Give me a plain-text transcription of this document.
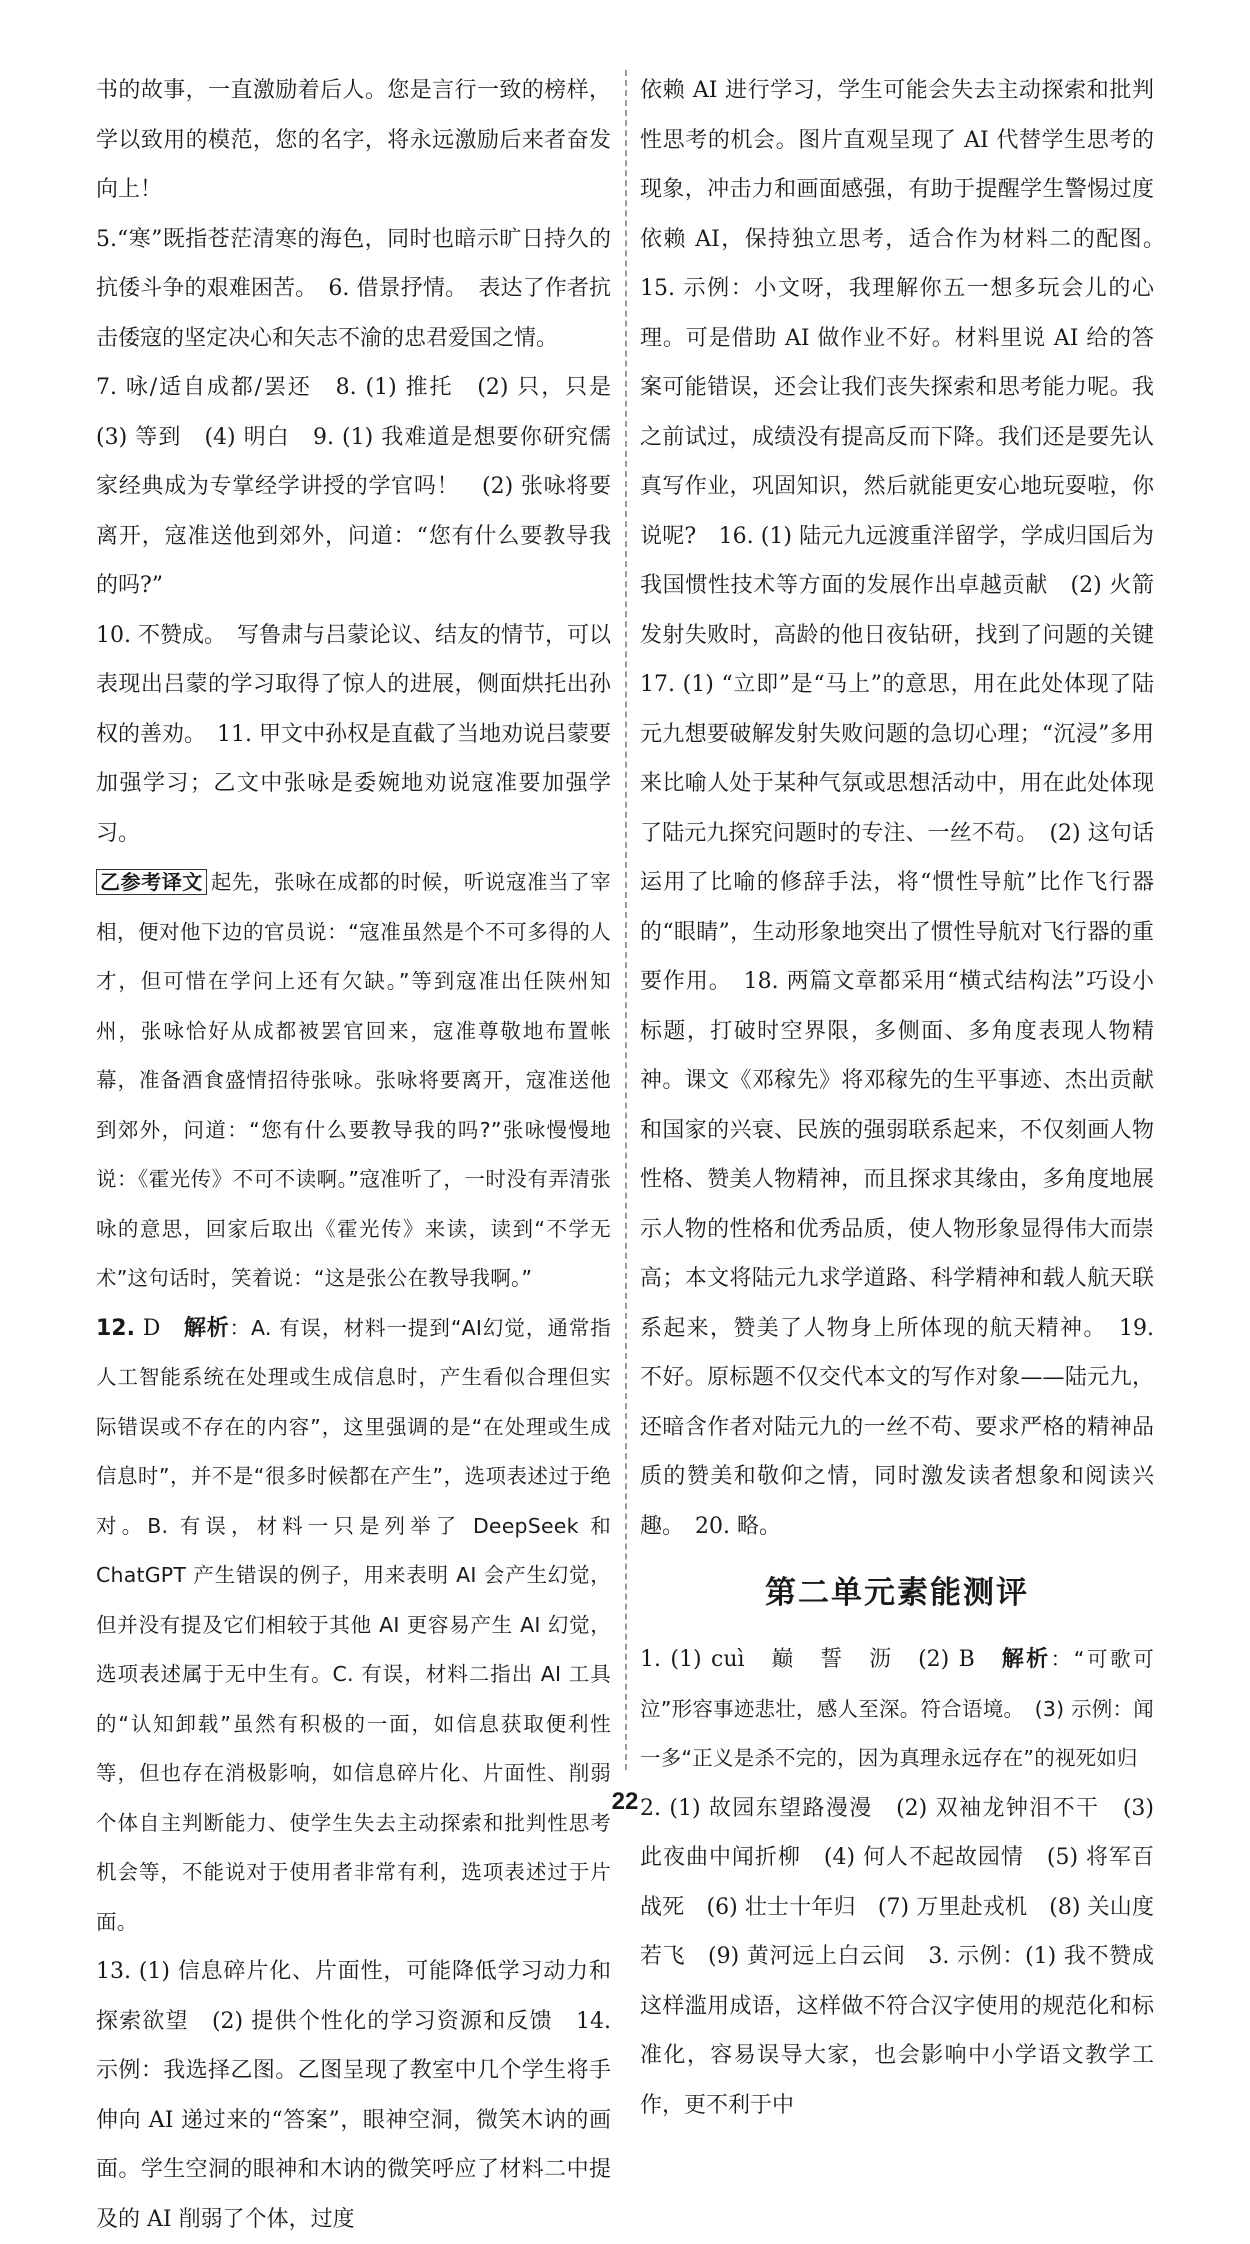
书的故事，一直激励着后人。您是言行一致的榜样，学以致用的模范，您的名字，将永远激励后来者奋发向上！

5.“寒”既指苍茫清寒的海色，同时也暗示旷日持久的抗倭斗争的艰难困苦。　6. 借景抒情。　表达了作者抗击倭寇的坚定决心和矢志不渝的忠君爱国之情。

7. 咏/适自成都/罢还　8. (1) 推托　(2) 只，只是　(3) 等到　(4) 明白　9. (1) 我难道是想要你研究儒家经典成为专掌经学讲授的学官吗！　(2) 张咏将要离开，寇准送他到郊外，问道：“您有什么要教导我的吗?”

10. 不赞成。　写鲁肃与吕蒙论议、结友的情节，可以表现出吕蒙的学习取得了惊人的进展，侧面烘托出孙权的善劝。　11. 甲文中孙权是直截了当地劝说吕蒙要加强学习；乙文中张咏是委婉地劝说寇准要加强学习。

乙参考译文 起先，张咏在成都的时候，听说寇准当了宰相，便对他下边的官员说：“寇准虽然是个不可多得的人才，但可惜在学问上还有欠缺。”等到寇准出任陕州知州，张咏恰好从成都被罢官回来，寇准尊敬地布置帐幕，准备酒食盛情招待张咏。张咏将要离开，寇准送他到郊外，问道：“您有什么要教导我的吗?”张咏慢慢地说：《霍光传》不可不读啊。”寇准听了，一时没有弄清张咏的意思，回家后取出《霍光传》来读，读到“不学无术”这句话时，笑着说：“这是张公在教导我啊。”

12. D　 解析：A. 有误，材料一提到“AI幻觉，通常指人工智能系统在处理或生成信息时，产生看似合理但实际错误或不存在的内容”，这里强调的是“在处理或生成信息时”，并不是“很多时候都在产生”，选项表述过于绝对。B. 有误，材料一只是列举了 DeepSeek 和 ChatGPT 产生错误的例子，用来表明 AI 会产生幻觉，但并没有提及它们相较于其他 AI 更容易产生 AI 幻觉，选项表述属于无中生有。C. 有误，材料二指出 AI 工具的“认知卸载”虽然有积极的一面，如信息获取便利性等，但也存在消极影响，如信息碎片化、片面性、削弱个体自主判断能力、使学生失去主动探索和批判性思考机会等，不能说对于使用者非常有利，选项表述过于片面。

13. (1) 信息碎片化、片面性，可能降低学习动力和探索欲望　(2) 提供个性化的学习资源和反馈　14. 示例：我选择乙图。乙图呈现了教室中几个学生将手伸向 AI 递过来的“答案”，眼神空洞，微笑木讷的画面。学生空洞的眼神和木讷的微笑呼应了材料二中提及的 AI 削弱了个体，过度

依赖 AI 进行学习，学生可能会失去主动探索和批判性思考的机会。图片直观呈现了 AI 代替学生思考的现象，冲击力和画面感强，有助于提醒学生警惕过度依赖 AI，保持独立思考，适合作为材料二的配图。　15. 示例：小文呀，我理解你五一想多玩会儿的心理。可是借助 AI 做作业不好。材料里说 AI 给的答案可能错误，还会让我们丧失探索和思考能力呢。我之前试过，成绩没有提高反而下降。我们还是要先认真写作业，巩固知识，然后就能更安心地玩耍啦，你说呢?　16. (1) 陆元九远渡重洋留学，学成归国后为我国惯性技术等方面的发展作出卓越贡献　(2) 火箭发射失败时，高龄的他日夜钻研，找到了问题的关键　17. (1) “立即”是“马上”的意思，用在此处体现了陆元九想要破解发射失败问题的急切心理；“沉浸”多用来比喻人处于某种气氛或思想活动中，用在此处体现了陆元九探究问题时的专注、一丝不苟。　(2) 这句话运用了比喻的修辞手法，将“惯性导航”比作飞行器的“眼睛”，生动形象地突出了惯性导航对飞行器的重要作用。　18. 两篇文章都采用“横式结构法”巧设小标题，打破时空界限，多侧面、多角度表现人物精神。课文《邓稼先》将邓稼先的生平事迹、杰出贡献和国家的兴衰、民族的强弱联系起来，不仅刻画人物性格、赞美人物精神，而且探求其缘由，多角度地展示人物的性格和优秀品质，使人物形象显得伟大而崇高；本文将陆元九求学道路、科学精神和载人航天联系起来，赞美了人物身上所体现的航天精神。　19. 不好。原标题不仅交代本文的写作对象——陆元九，还暗含作者对陆元九的一丝不苟、要求严格的精神品质的赞美和敬仰之情，同时激发读者想象和阅读兴趣。　20. 略。

第二单元素能测评

1. (1) cuì　巅　誓　沥　(2) B　解析：“可歌可泣”形容事迹悲壮，感人至深。符合语境。　(3) 示例：闻一多“正义是杀不完的，因为真理永远存在”的视死如归

2. (1) 故园东望路漫漫　(2) 双袖龙钟泪不干　(3) 此夜曲中闻折柳　(4) 何人不起故园情　(5) 将军百战死　(6) 壮士十年归　(7) 万里赴戎机　(8) 关山度若飞　(9) 黄河远上白云间　3. 示例：(1) 我不赞成这样滥用成语，这样做不符合汉字使用的规范化和标准化，容易误导大家，也会影响中小学语文教学工作，更不利于中

22
